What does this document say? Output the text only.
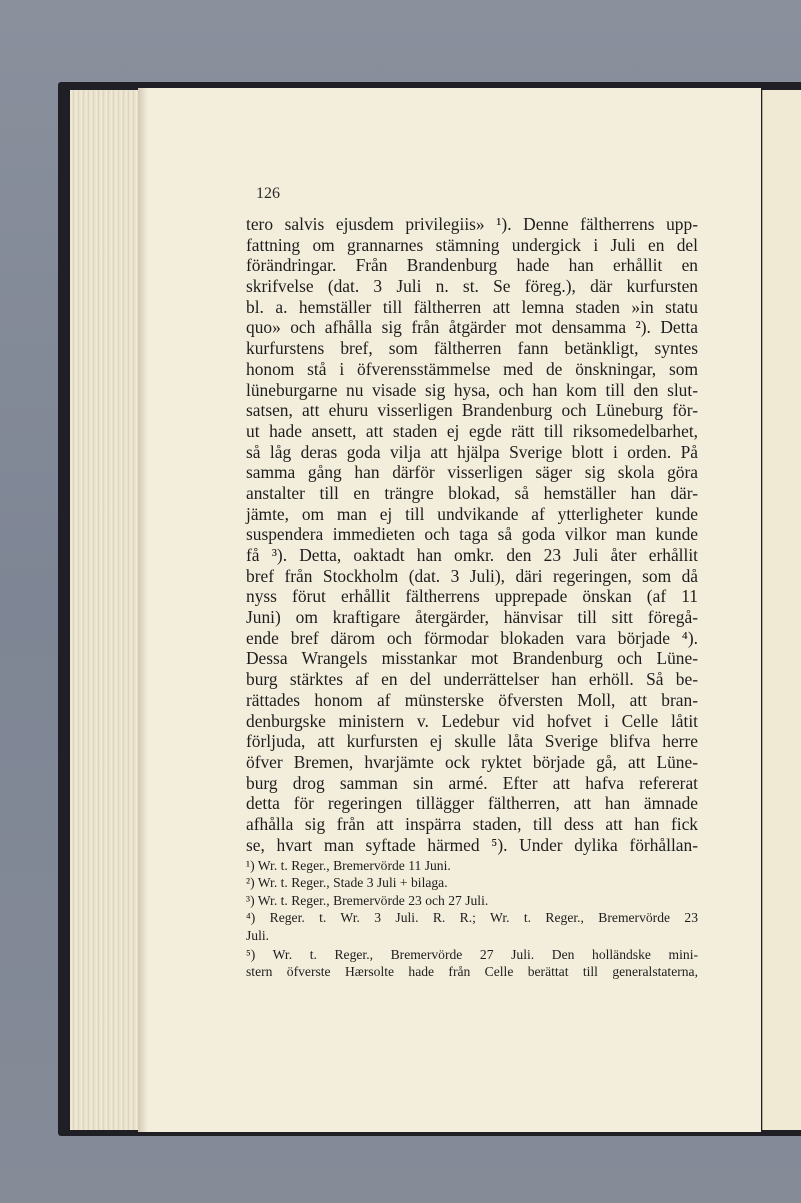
126
tero salvis ejusdem privilegiis» ¹). Denne fältherrens upp-
fattning om grannarnes stämning undergick i Juli en del
förändringar. Från Brandenburg hade han erhållit en
skrifvelse (dat. 3 Juli n. st. Se föreg.), där kurfursten
bl. a. hemställer till fältherren att lemna staden »in statu
quo» och afhålla sig från åtgärder mot densamma ²). Detta
kurfurstens bref, som fältherren fann betänkligt, syntes
honom stå i öfverensstämmelse med de önskningar, som
lüneburgarne nu visade sig hysa, och han kom till den slut-
satsen, att ehuru visserligen Brandenburg och Lüneburg för-
ut hade ansett, att staden ej egde rätt till riksomedelbarhet,
så låg deras goda vilja att hjälpa Sverige blott i orden. På
samma gång han därför visserligen säger sig skola göra
anstalter till en trängre blokad, så hemställer han där-
jämte, om man ej till undvikande af ytterligheter kunde
suspendera immedieten och taga så goda vilkor man kunde
få ³). Detta, oaktadt han omkr. den 23 Juli åter erhållit
bref från Stockholm (dat. 3 Juli), däri regeringen, som då
nyss förut erhållit fältherrens upprepade önskan (af 11
Juni) om kraftigare återgärder, hänvisar till sitt föregå-
ende bref därom och förmodar blokaden vara började ⁴).
Dessa Wrangels misstankar mot Brandenburg och Lüne-
burg stärktes af en del underrättelser han erhöll. Så be-
rättades honom af münsterske öfversten Moll, att bran-
denburgske ministern v. Ledebur vid hofvet i Celle låtit
förljuda, att kurfursten ej skulle låta Sverige blifva herre
öfver Bremen, hvarjämte ock ryktet började gå, att Lüne-
burg drog samman sin armé. Efter att hafva refererat
detta för regeringen tillägger fältherren, att han ämnade
afhålla sig från att inspärra staden, till dess att han fick
se, hvart man syftade härmed ⁵). Under dylika förhållan-
¹) Wr. t. Reger., Bremervörde 11 Juni.
²) Wr. t. Reger., Stade 3 Juli + bilaga.
³) Wr. t. Reger., Bremervörde 23 och 27 Juli.
⁴) Reger. t. Wr. 3 Juli. R. R.; Wr. t. Reger., Bremervörde 23
Juli.
⁵) Wr. t. Reger., Bremervörde 27 Juli. Den holländske mini-
stern öfverste Hærsolte hade från Celle berättat till generalstaterna,
